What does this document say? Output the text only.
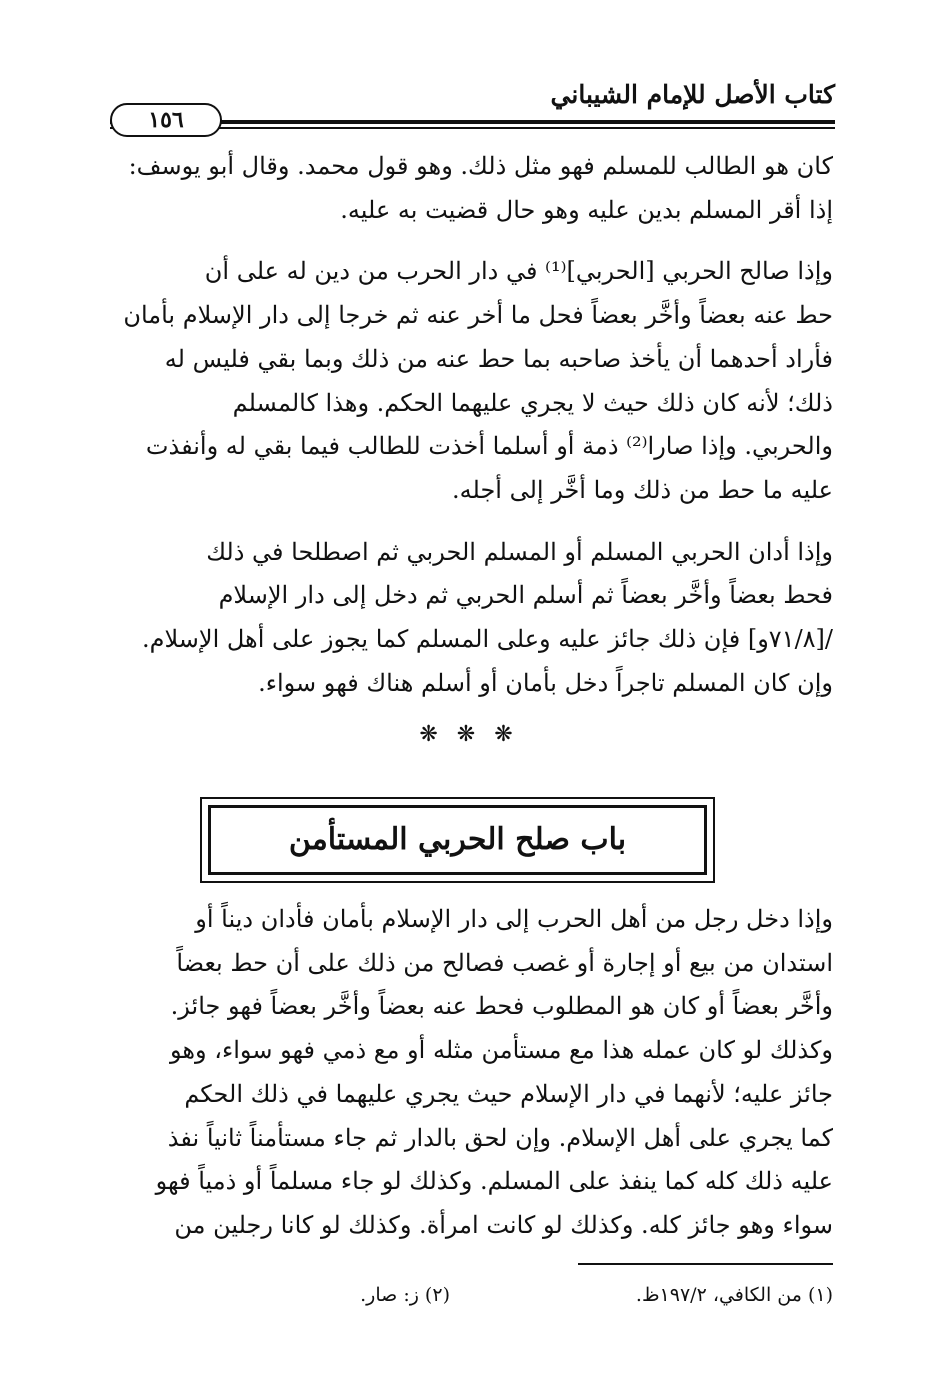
كتاب الأصل للإمام الشيباني
١٥٦

كان هو الطالب للمسلم فهو مثل ذلك. وهو قول محمد. وقال أبو يوسف:
إذا أقر المسلم بدين عليه وهو حال قضيت به عليه.

وإذا صالح الحربي [الحربي]⁽¹⁾ في دار الحرب من دين له على أن
حط عنه بعضاً وأخَّر بعضاً فحل ما أخر عنه ثم خرجا إلى دار الإسلام بأمان
فأراد أحدهما أن يأخذ صاحبه بما حط عنه من ذلك وبما بقي فليس له
ذلك؛ لأنه كان ذلك حيث لا يجري عليهما الحكم. وهذا كالمسلم
والحربي. وإذا صارا⁽²⁾ ذمة أو أسلما أخذت للطالب فيما بقي له وأنفذت
عليه ما حط من ذلك وما أخَّر إلى أجله.

وإذا أدان الحربي المسلم أو المسلم الحربي ثم اصطلحا في ذلك
فحط بعضاً وأخَّر بعضاً ثم أسلم الحربي ثم دخل إلى دار الإسلام
/[٧١/٨و] فإن ذلك جائز عليه وعلى المسلم كما يجوز على أهل الإسلام.
وإن كان المسلم تاجراً دخل بأمان أو أسلم هناك فهو سواء.

❋ ❋ ❋
باب صلح الحربي المستأمن

وإذا دخل رجل من أهل الحرب إلى دار الإسلام بأمان فأدان ديناً أو
استدان من بيع أو إجارة أو غصب فصالح من ذلك على أن حط بعضاً
وأخَّر بعضاً أو كان هو المطلوب فحط عنه بعضاً وأخَّر بعضاً فهو جائز.
وكذلك لو كان عمله هذا مع مستأمن مثله أو مع ذمي فهو سواء، وهو
جائز عليه؛ لأنهما في دار الإسلام حيث يجري عليهما في ذلك الحكم
كما يجري على أهل الإسلام. وإن لحق بالدار ثم جاء مستأمناً ثانياً نفذ
عليه ذلك كله كما ينفذ على المسلم. وكذلك لو جاء مسلماً أو ذمياً فهو
سواء وهو جائز كله. وكذلك لو كانت امرأة. وكذلك لو كانا رجلين من

(١) من الكافي، ١٩٧/٢ظ.
(٢) ز: صار.
